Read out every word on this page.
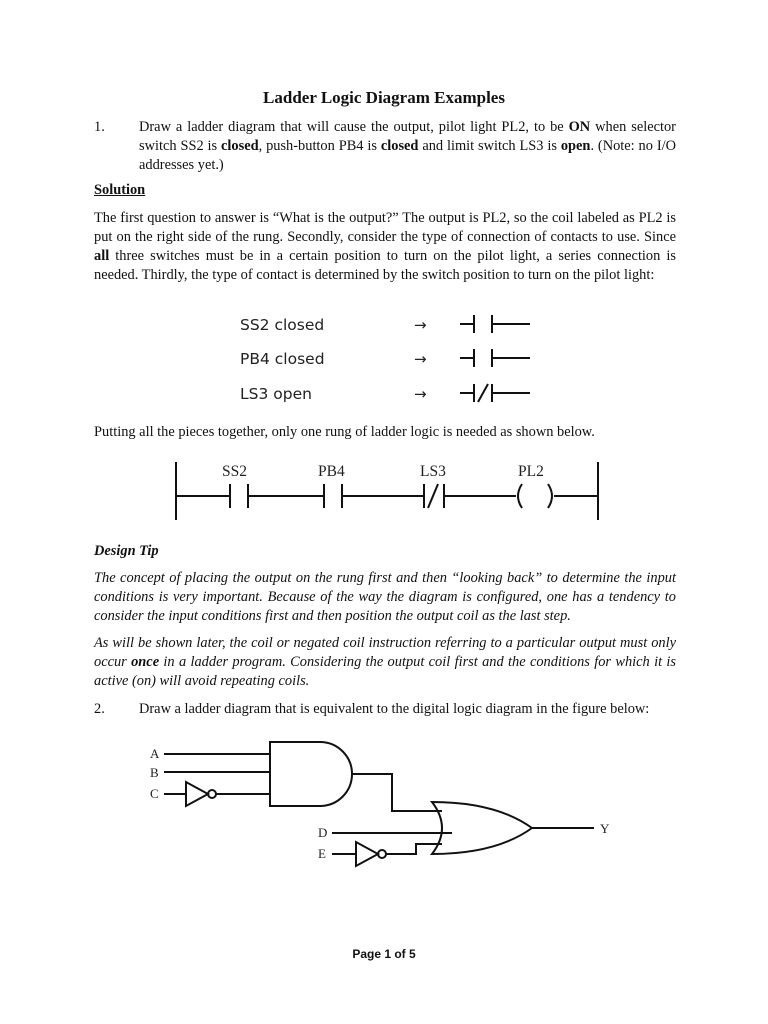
Ladder Logic Diagram Examples
1. Draw a ladder diagram that will cause the output, pilot light PL2, to be ON when selector switch SS2 is closed, push-button PB4 is closed and limit switch LS3 is open. (Note: no I/O addresses yet.)
Solution
The first question to answer is “What is the output?” The output is PL2, so the coil labeled as PL2 is put on the right side of the rung. Secondly, consider the type of connection of contacts to use. Since all three switches must be in a certain position to turn on the pilot light, a series connection is needed. Thirdly, the type of contact is determined by the switch position to turn on the pilot light:
SS2 closed	→
PB4 closed	→
LS3 open	→
Putting all the pieces together, only one rung of ladder logic is needed as shown below.
SS2	PB4	LS3	PL2
Design Tip
The concept of placing the output on the rung first and then “looking back” to determine the input conditions is very important. Because of the way the diagram is configured, one has a tendency to consider the input conditions first and then position the output coil as the last step.
As will be shown later, the coil or negated coil instruction referring to a particular output must only occur once in a ladder program. Considering the output coil first and the conditions for which it is active (on) will avoid repeating coils.
2. Draw a ladder diagram that is equivalent to the digital logic diagram in the figure below:
A
B
C
D
E
Y
Page 1 of 5
